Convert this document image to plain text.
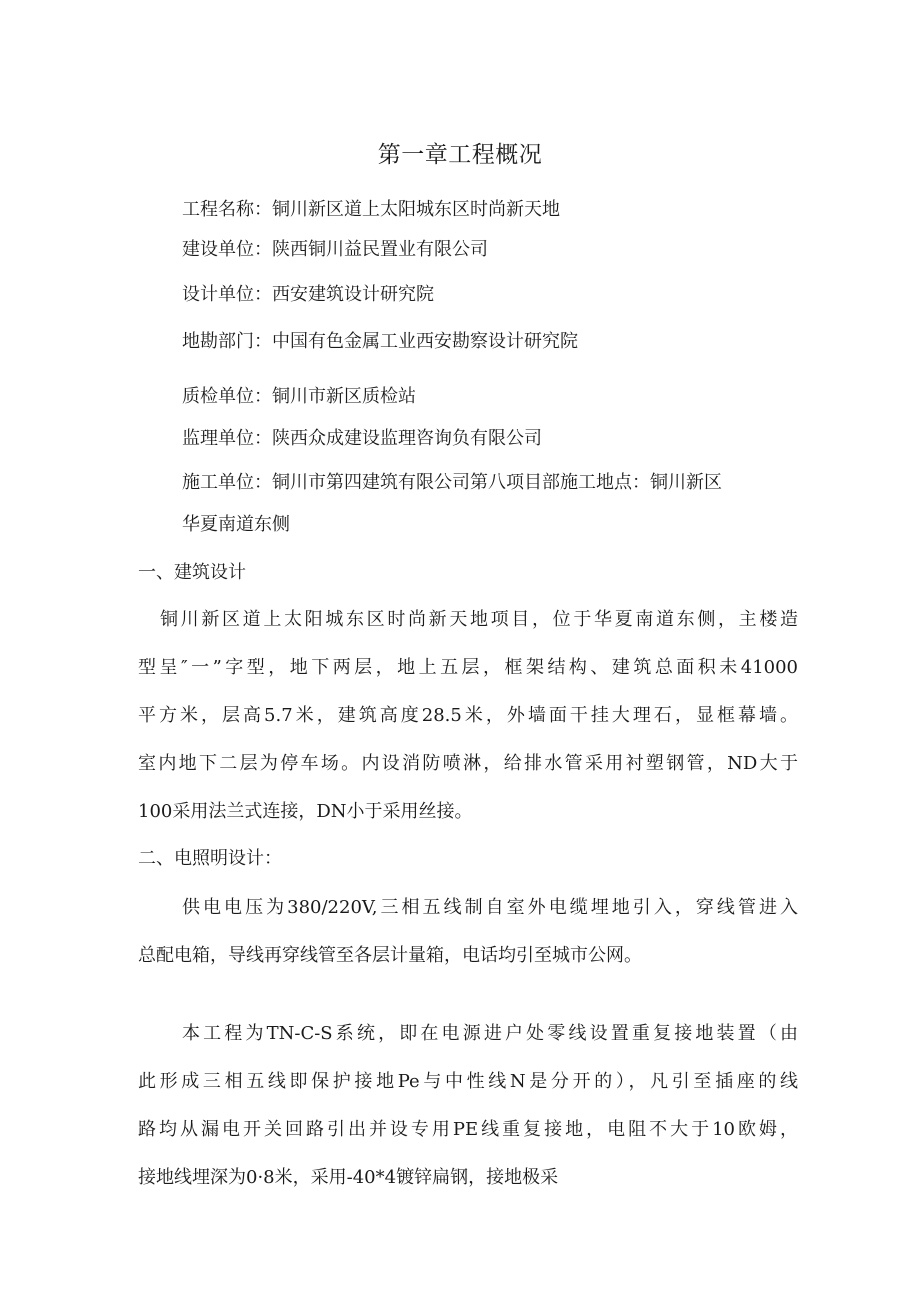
第一章工程概况
工程名称：铜川新区道上太阳城东区时尚新天地
建设单位：陕西铜川益民置业有限公司
设计单位：西安建筑设计研究院
地勘部门：中国有色金属工业西安勘察设计研究院
质检单位：铜川市新区质检站
监理单位：陕西众成建设监理咨询负有限公司
施工单位：铜川市第四建筑有限公司第八项目部施工地点：铜川新区
华夏南道东侧
一、建筑设计
铜川新区道上太阳城东区时尚新天地项目，位于华夏南道东侧，主楼造
型呈″一”字型，地下两层，地上五层，框架结构、建筑总面积未41000
平方米，层高5.7米，建筑高度28.5米，外墙面干挂大理石，显框幕墙。
室内地下二层为停车场。内设消防喷淋，给排水管采用衬塑钢管，ND大于
100采用法兰式连接，DN小于采用丝接。
二、电照明设计：
供电电压为380/220V,三相五线制自室外电缆埋地引入，穿线管进入
总配电箱，导线再穿线管至各层计量箱，电话均引至城市公网。
本工程为TN-C-S系统，即在电源进户处零线设置重复接地装置（由
此形成三相五线即保护接地Pe与中性线N是分开的），凡引至插座的线
路均从漏电开关回路引出并设专用PE线重复接地，电阻不大于10欧姆，
接地线埋深为0·8米，采用-40*4镀锌扁钢，接地极采
